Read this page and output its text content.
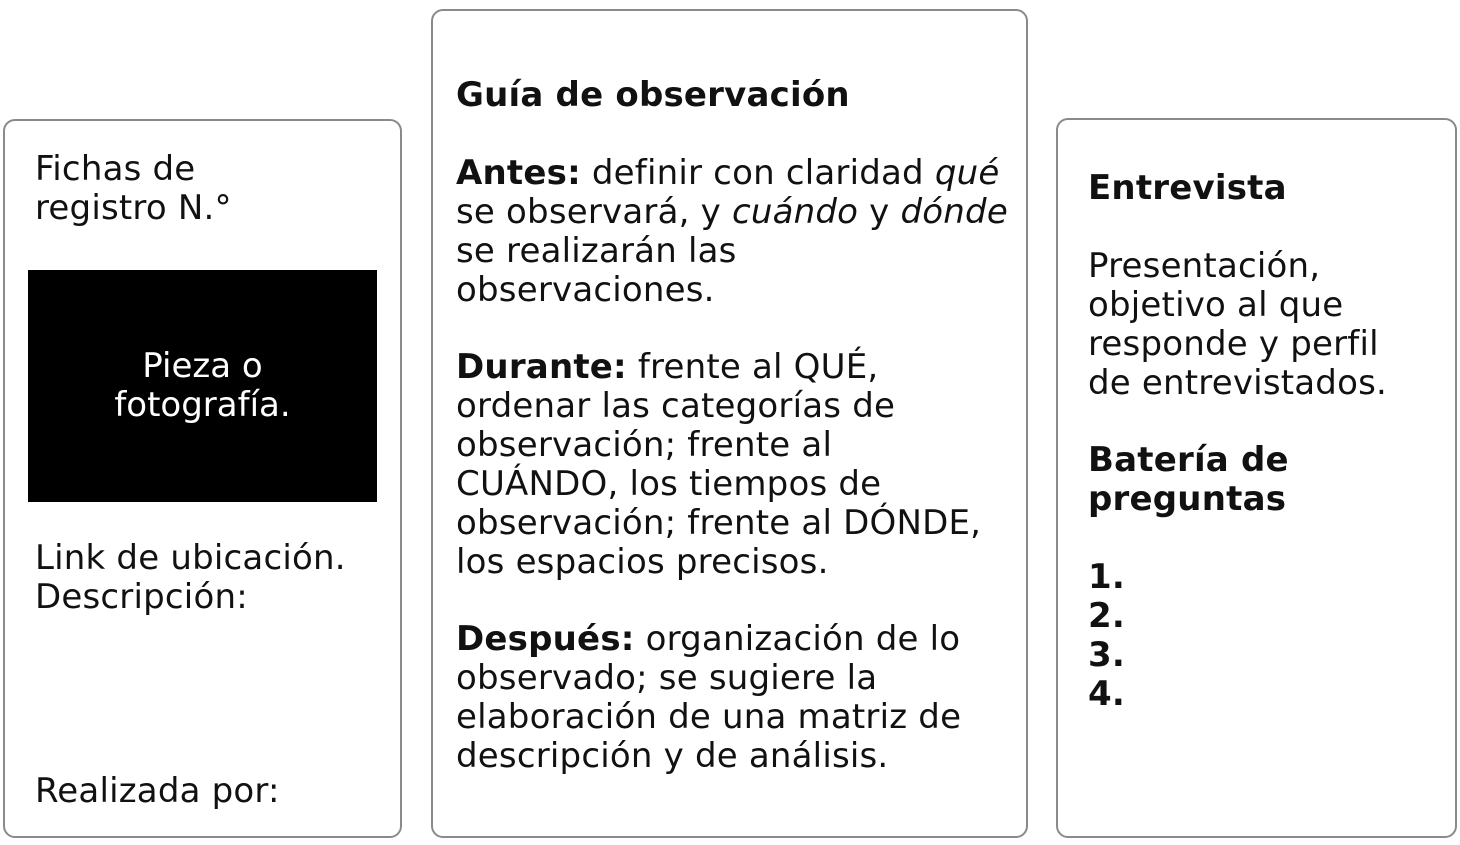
Fichas de
registro N.°

Pieza o
fotografía.

Link de ubicación.
Descripción:

Realizada por:

Guía de observación

Antes: definir con claridad qué
se observará, y cuándo y dónde
se realizarán las
observaciones.

Durante: frente al QUÉ,
ordenar las categorías de
observación; frente al
CUÁNDO, los tiempos de
observación; frente al DÓNDE,
los espacios precisos.

Después: organización de lo
observado; se sugiere la
elaboración de una matriz de
descripción y de análisis.

Entrevista

Presentación,
objetivo al que
responde y perfil
de entrevistados.

Batería de
preguntas

1.
2.
3.
4.
